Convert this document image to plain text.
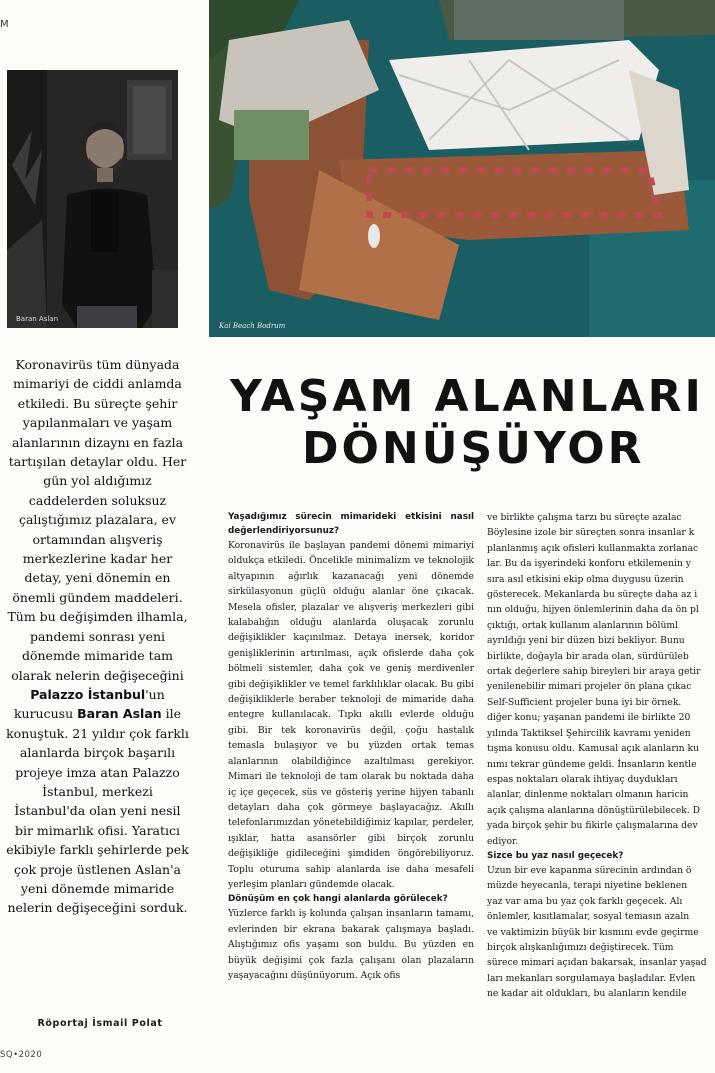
M
Baran Aslan
Kai Beach Bodrum

Koronavirüs tüm dünyada mimariyi de ciddi anlamda etkiledi. Bu süreçte şehir yapılanmaları ve yaşam alanlarının dizaynı en fazla tartışılan detaylar oldu. Her gün yol aldığımız caddelerden soluksuz çalıştığımız plazalara, ev ortamından alışveriş merkezlerine kadar her detay, yeni dönemin en önemli gündem maddeleri. Tüm bu değişimden ilhamla, pandemi sonrası yeni dönemde mimaride tam olarak nelerin değişeceğini Palazzo İstanbul'un kurucusu Baran Aslan ile konuştuk. 21 yıldır çok farklı alanlarda birçok başarılı projeye imza atan Palazzo İstanbul, merkezi İstanbul'da olan yeni nesil bir mimarlık ofisi. Yaratıcı ekibiyle farklı şehirlerde pek çok proje üstlenen Aslan'a yeni dönemde mimaride nelerin değişeceğini sorduk.

Röportaj İsmail Polat
SQ•2020
YAŞAM ALANLARI
DÖNÜŞÜYOR
Yaşadığımız sürecin mimarideki etkisini nasıl değerlendiriyorsunuz?

Koronavirüs ile başlayan pandemi dönemi mimariyi oldukça etkiledi. Öncelikle minimalizm ve teknolojik altyapının ağırlık kazanacağı yeni dönemde sirkülasyonun güçlü olduğu alanlar öne çıkacak. Mesela ofisler, plazalar ve alışveriş merkezleri gibi kalabalığın olduğu alanlarda oluşacak zorunlu değişiklikler kaçınılmaz. Detaya inersek, koridor genişliklerinin artırılması, açık ofislerde daha çok bölmeli sistemler, daha çok ve geniş merdivenler gibi değişiklikler ve temel farklılıklar olacak. Bu gibi değişikliklerle beraber teknoloji de mimaride daha entegre kullanılacak. Tıpkı akıllı evlerde olduğu gibi. Bir tek koronavirüs değil, çoğu hastalık temasla bulaşıyor ve bu yüzden ortak temas alanlarının olabildiğince azaltılması gerekiyor. Mimari ile teknoloji de tam olarak bu noktada daha iç içe geçecek, süs ve gösteriş yerine hijyen tabanlı detayları daha çok görmeye başlayacağız. Akıllı telefonlarımızdan yönetebildiğimiz kapılar, perdeler, ışıklar, hatta asansörler gibi birçok zorunlu değişikliğe gidileceğini şimdiden öngörebiliyoruz. Toplu oturuma sahip alanlarda ise daha mesafeli yerleşim planları gündemde olacak.

Dönüşüm en çok hangi alanlarda görülecek?

Yüzlerce farklı iş kolunda çalışan insanların tamamı, evlerinden bir ekrana bakarak çalışmaya başladı. Alıştığımız ofis yaşamı son buldu. Bu yüzden en büyük değişimi çok fazla çalışanı olan plazaların yaşayacağını düşünüyorum. Açık ofis

ve birlikte çalışma tarzı bu süreçte azalac
Böylesine izole bir süreçten sonra insanlar k
planlanmış açık ofisleri kullanmakta zorlanac
lar. Bu da işyerindeki konforu etkilemenin y
sıra asıl etkisini ekip olma duygusu üzerin
gösterecek. Mekanlarda bu süreçte daha az i
nın olduğu, hijyen önlemlerinin daha da ön pl
çıktığı, ortak kullanım alanlarının bölüml
ayrıldığı yeni bir düzen bizi bekliyor. Bunu
birlikte, doğayla bir arada olan, sürdürüleb
ortak değerlere sahip bireyleri bir araya getir
yenilenebilir mimari projeler ön plana çıkac
Self-Sufficient projeler buna iyi bir örnek.
diğer konu; yaşanan pandemi ile birlikte 20
yılında Taktiksel Şehircilik kavramı yeniden
tışma konusu oldu. Kamusal açık alanların ku
nımı tekrar gündeme geldi. İnsanların kentle
espas noktaları olarak ihtiyaç duydukları
alanlar, dinlenme noktaları olmanın haricin
açık çalışma alanlarına dönüştürülebilecek. D
yada birçok şehir bu fikirle çalışmalarına dev
ediyor.
Sizce bu yaz nasıl geçecek?
Uzun bir eve kapanma sürecinin ardından ö
müzde heyecanla, terapi niyetine beklenen
yaz var ama bu yaz çok farklı geçecek. Alı
önlemler, kısıtlamalar, sosyal temasın azaln
ve vaktimizin büyük bir kısmını evde geçirme
birçok alışkanlığımızı değiştirecek. Tüm
sürece mimari açıdan bakarsak, insanlar yaşad
ları mekanları sorgulamaya başladılar. Evlen
ne kadar ait oldukları, bu alanların kendile
